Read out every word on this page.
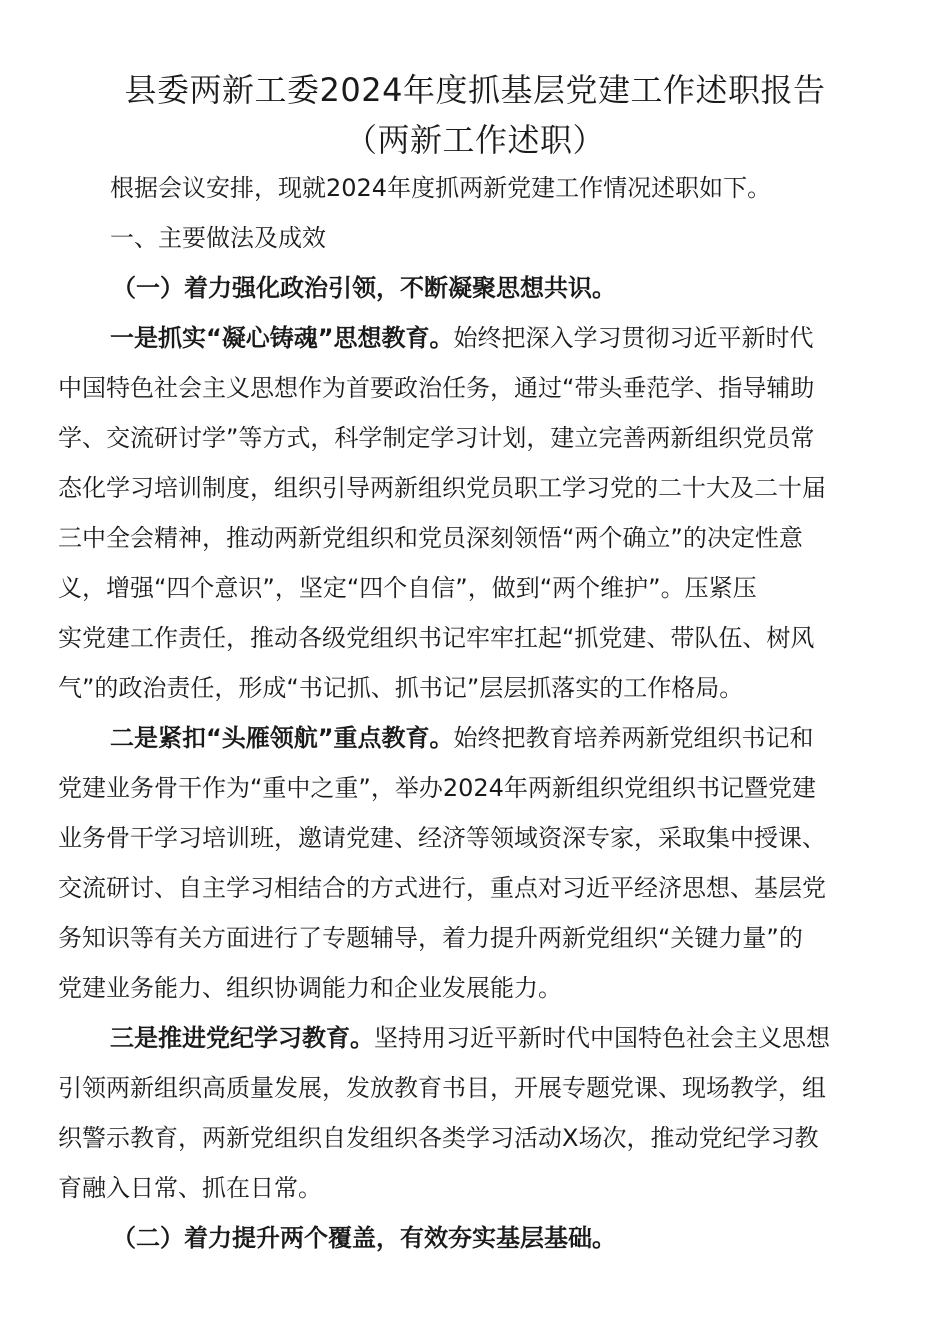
县委两新工委2024年度抓基层党建工作述职报告
（两新工作述职）
根据会议安排，现就2024年度抓两新党建工作情况述职如下。
一、主要做法及成效
（一）着力强化政治引领，不断凝聚思想共识。
一是抓实“凝心铸魂”思想教育。始终把深入学习贯彻习近平新时代
中国特色社会主义思想作为首要政治任务，通过“带头垂范学、指导辅助
学、交流研讨学”等方式，科学制定学习计划，建立完善两新组织党员常
态化学习培训制度，组织引导两新组织党员职工学习党的二十大及二十届
三中全会精神，推动两新党组织和党员深刻领悟“两个确立”的决定性意
义，增强“四个意识”，坚定“四个自信”，做到“两个维护”。压紧压
实党建工作责任，推动各级党组织书记牢牢扛起“抓党建、带队伍、树风
气”的政治责任，形成“书记抓、抓书记”层层抓落实的工作格局。
二是紧扣“头雁领航”重点教育。始终把教育培养两新党组织书记和
党建业务骨干作为“重中之重”，举办2024年两新组织党组织书记暨党建
业务骨干学习培训班，邀请党建、经济等领域资深专家，采取集中授课、
交流研讨、自主学习相结合的方式进行，重点对习近平经济思想、基层党
务知识等有关方面进行了专题辅导，着力提升两新党组织“关键力量”的
党建业务能力、组织协调能力和企业发展能力。
三是推进党纪学习教育。坚持用习近平新时代中国特色社会主义思想
引领两新组织高质量发展，发放教育书目，开展专题党课、现场教学，组
织警示教育，两新党组织自发组织各类学习活动X场次，推动党纪学习教
育融入日常、抓在日常。
（二）着力提升两个覆盖，有效夯实基层基础。
